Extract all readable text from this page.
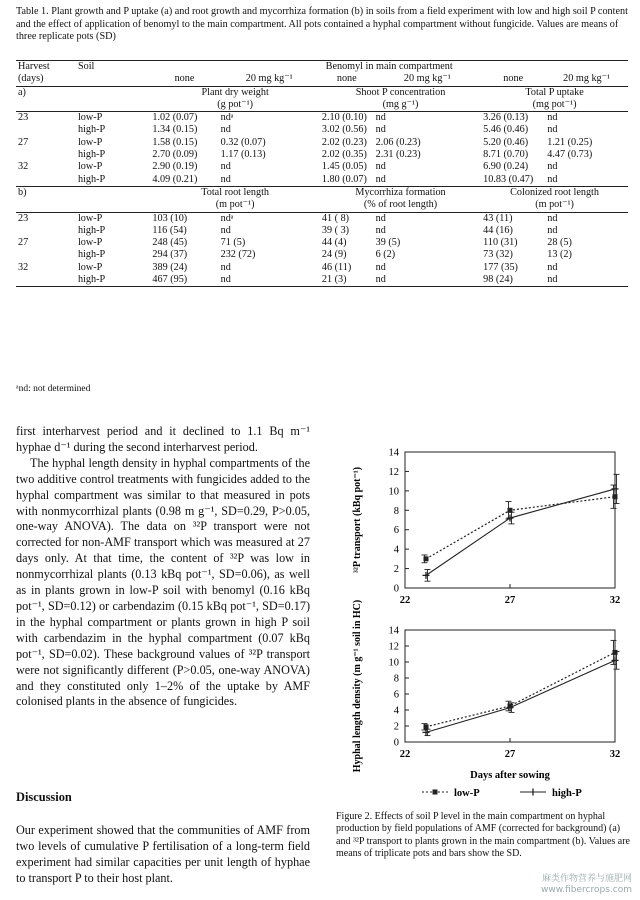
Table 1. Plant growth and P uptake (a) and root growth and mycorrhiza formation (b) in soils from a field experiment with low and high soil P content and the effect of application of benomyl to the main compartment. All pots contained a hyphal compartment without fungicide. Values are means of three replicate pots (SD)
Harvest	Soil	Benomyl in main compartment					
(days)		none	20 mg kg⁻¹	none	20 mg kg⁻¹	none	20 mg kg⁻¹
a)		Plant dry weight		Shoot P concentration		Total P uptake	
		(g pot⁻¹)		(mg g⁻¹)		(mg pot⁻¹)	
23	low-P	1.02 (0.07)	ndᵃ	2.10 (0.10)	nd	3.26 (0.13)	nd
	high-P	1.34 (0.15)	nd	3.02 (0.56)	nd	5.46 (0.46)	nd
27	low-P	1.58 (0.15)	0.32 (0.07)	2.02 (0.23)	2.06 (0.23)	5.20 (0.46)	1.21 (0.25)
	high-P	2.70 (0.09)	1.17 (0.13)	2.02 (0.35)	2.31 (0.23)	8.71 (0.70)	4.47 (0.73)
32	low-P	2.90 (0.19)	nd	1.45 (0.05)	nd	6.90 (0.24)	nd
	high-P	4.09 (0.21)	nd	1.80 (0.07)	nd	10.83 (0.47)	nd
b)		Total root length		Mycorrhiza formation		Colonized root length	
		(m pot⁻¹)		(% of root length)		(m pot⁻¹)	
23	low-P	103 (10)	ndᵃ	41 ( 8)	nd	43 (11)	nd
	high-P	116 (54)	nd	39 ( 3)	nd	44 (16)	nd
27	low-P	248 (45)	71 (5)	44 (4)	39 (5)	110 (31)	28 (5)
	high-P	294 (37)	232 (72)	24 (9)	6 (2)	73 (32)	13 (2)
32	low-P	389 (24)	nd	46 (11)	nd	177 (35)	nd
	high-P	467 (95)	nd	21 (3)	nd	98 (24)	nd
ᵃnd: not determined

first interharvest period and it declined to 1.1 Bq m⁻¹ hyphae d⁻¹ during the second interharvest period.

The hyphal length density in hyphal compartments of the two additive control treatments with fungicides added to the hyphal compartment was similar to that measured in pots with nonmycorrhizal plants (0.98 m g⁻¹, SD=0.29, P>0.05, one-way ANOVA). The data on ³²P transport were not corrected for non-AMF transport which was measured at 27 days only. At that time, the content of ³²P was low in nonmycorrhizal plants (0.13 kBq pot⁻¹, SD=0.06), as well as in plants grown in low-P soil with benomyl (0.16 kBq pot⁻¹, SD=0.12) or carbendazim (0.15 kBq pot⁻¹, SD=0.17) in the hyphal compartment or plants grown in high P soil with carbendazim in the hyphal compartment (0.07 kBq pot⁻¹, SD=0.02). These background values of ³²P transport were not significantly different (P>0.05, one-way ANOVA) and they constituted only 1–2% of the uptake by AMF colonised plants in the absence of fungicides.

Discussion
Our experiment showed that the communities of AMF from two levels of cumulative P fertilisation of a long-term field experiment had similar capacities per unit length of hyphae to transport P to their host plant.
0
2
4
6
8
10
12
14
22	27	32
³²P transport (kBq pot⁻¹)
0
2
4
6
8
10
12
14
22	27	32
Hyphal length density (m g⁻¹ soil in HC)
Days after sowing
low-P	high-P
Figure 2. Effects of soil P level in the main compartment on hyphal production by field populations of AMF (corrected for background) (a) and ³²P transport to plants grown in the main compartment (b). Values are means of triplicate pots and bars show the SD.
麻类作物营养与施肥网
www.fibercrops.com
